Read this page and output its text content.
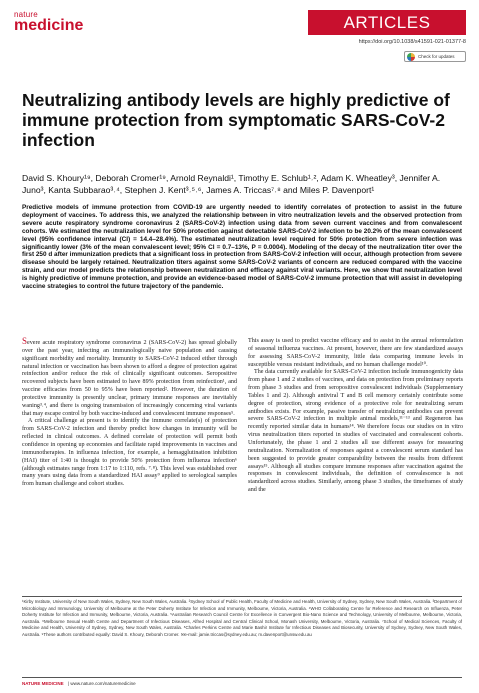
nature
medicine	ARTICLES
https://doi.org/10.1038/s41591-021-01377-8
Check for updates
Neutralizing antibody levels are highly predictive of immune protection from symptomatic SARS-CoV-2 infection
David S. Khoury¹⁹, Deborah Cromer¹⁹, Arnold Reynaldi¹, Timothy E. Schlub¹˒², Adam K. Wheatley³, Jennifer A. Juno³, Kanta Subbarao³˒⁴, Stephen J. Kent³˒⁵˒⁶, James A. Triccas⁷˒⁸ and Miles P. Davenport¹
Predictive models of immune protection from COVID-19 are urgently needed to identify correlates of protection to assist in the future deployment of vaccines. To address this, we analyzed the relationship between in vitro neutralization levels and the observed protection from severe acute respiratory syndrome coronavirus 2 (SARS-CoV-2) infection using data from seven current vaccines and from convalescent cohorts. We estimated the neutralization level for 50% protection against detectable SARS-CoV-2 infection to be 20.2% of the mean convalescent level (95% confidence interval (CI) = 14.4–28.4%). The estimated neutralization level required for 50% protection from severe infection was significantly lower (3% of the mean convalescent level; 95% CI = 0.7–13%, P = 0.0004). Modeling of the decay of the neutralization titer over the first 250 d after immunization predicts that a significant loss in protection from SARS-CoV-2 infection will occur, although protection from severe disease should be largely retained. Neutralization titers against some SARS-CoV-2 variants of concern are reduced compared with the vaccine strain, and our model predicts the relationship between neutralization and efficacy against viral variants. Here, we show that neutralization level is highly predictive of immune protection, and provide an evidence-based model of SARS-CoV-2 immune protection that will assist in developing vaccine strategies to control the future trajectory of the pandemic.

Severe acute respiratory syndrome coronavirus 2 (SARS-CoV-2) has spread globally over the past year, infecting an immunologically naive population and causing significant morbidity and mortality. Immunity to SARS-CoV-2 induced either through natural infection or vaccination has been shown to afford a degree of protection against reinfection and/or reduce the risk of clinically significant outcomes. Seropositive recovered subjects have been estimated to have 89% protection from reinfection¹, and vaccine efficacies from 50 to 95% have been reported². However, the duration of protective immunity is presently unclear, primary immune responses are inevitably waning³˒⁴, and there is ongoing transmission of increasingly concerning viral variants that may escape control by both vaccine-induced and convalescent immune responses⁵.

A critical challenge at present is to identify the immune correlate(s) of protection from SARS-CoV-2 infection and thereby predict how changes in immunity will be reflected in clinical outcomes. A defined correlate of protection will permit both confidence in opening up economies and facilitate rapid improvements in vaccines and immunotherapies. In influenza infection, for example, a hemagglutination inhibition (HAI) titer of 1:40 is thought to provide 50% protection from influenza infection⁶ (although estimates range from 1:17 to 1:110, refs. ⁷˒⁸). This level was established over many years using data from a standardized HAI assay⁹ applied to serological samples from human challenge and cohort studies.

This assay is used to predict vaccine efficacy and to assist in the annual reformulation of seasonal influenza vaccines. At present, however, there are few standardized assays for assessing SARS-CoV-2 immunity, little data comparing immune levels in susceptible versus resistant individuals, and no human challenge model¹⁰.

The data currently available for SARS-CoV-2 infection include immunogenicity data from phase 1 and 2 studies of vaccines, and data on protection from preliminary reports from phase 3 studies and from seropositive convalescent individuals (Supplementary Tables 1 and 2). Although antiviral T and B cell memory certainly contribute some degree of protection, strong evidence of a protective role for neutralizing serum antibodies exists. For example, passive transfer of neutralizing antibodies can prevent severe SARS-CoV-2 infection in multiple animal models,¹¹⁻¹³ and Regeneron has recently reported similar data in humans¹⁴. We therefore focus our studies on in vitro virus neutralization titers reported in studies of vaccinated and convalescent cohorts. Unfortunately, the phase 1 and 2 studies all use different assays for measuring neutralization. Normalization of responses against a convalescent serum standard has been suggested to provide greater comparability between the results from different assays¹⁵. Although all studies compare immune responses after vaccination against the responses in convalescent individuals, the definition of convalescence is not standardized across studies. Similarly, among phase 3 studies, the timeframes of study and the

¹Kirby Institute, University of New South Wales, Sydney, New South Wales, Australia. ²Sydney School of Public Health, Faculty of Medicine and Health, University of Sydney, Sydney, New South Wales, Australia. ³Department of Microbiology and Immunology, University of Melbourne at the Peter Doherty Institute for Infection and Immunity, Melbourne, Victoria, Australia. ⁴WHO Collaborating Centre for Reference and Research on Influenza, Peter Doherty Institute for Infection and Immunity, Melbourne, Victoria, Australia. ⁵Australian Research Council Centre for Excellence in Convergent Bio-Nano Science and Technology, University of Melbourne, Melbourne, Victoria, Australia. ⁶Melbourne Sexual Health Centre and Department of Infectious Diseases, Alfred Hospital and Central Clinical School, Monash University, Melbourne, Victoria, Australia. ⁷School of Medical Sciences, Faculty of Medicine and Health, University of Sydney, Sydney, New South Wales, Australia. ⁸Charles Perkins Centre and Marie Bashir Institute for Infectious Diseases and Biosecurity, University of Sydney, Sydney, New South Wales, Australia. ⁹These authors contributed equally: David S. Khoury, Deborah Cromer. ✉e-mail: jamie.triccas@sydney.edu.au; m.davenport@unsw.edu.au
NATURE MEDICINE | www.nature.com/naturemedicine
